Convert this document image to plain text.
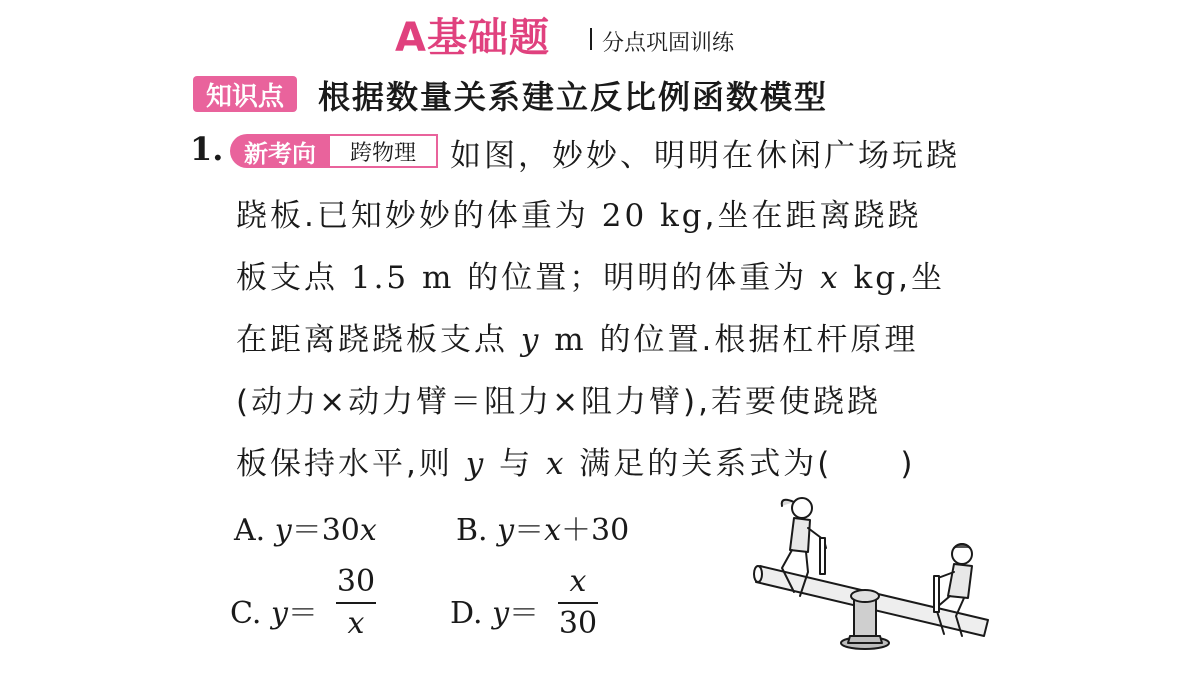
A基础题 分点巩固训练
知识点	根据数量关系建立反比例函数模型
1. 新考向	跨物理	如图，妙妙、明明在休闲广场玩跷
跷板.已知妙妙的体重为 20 kg,坐在距离跷跷
板支点 1.5 m 的位置；明明的体重为 x kg,坐
在距离跷跷板支点 y m 的位置.根据杠杆原理
(动力×动力臂＝阻力×阻力臂),若要使跷跷
板保持水平,则 y 与 x 满足的关系式为(　　)
A. y＝30x	B. y＝x＋30
C. y＝
30
x	D. y＝
x
30
